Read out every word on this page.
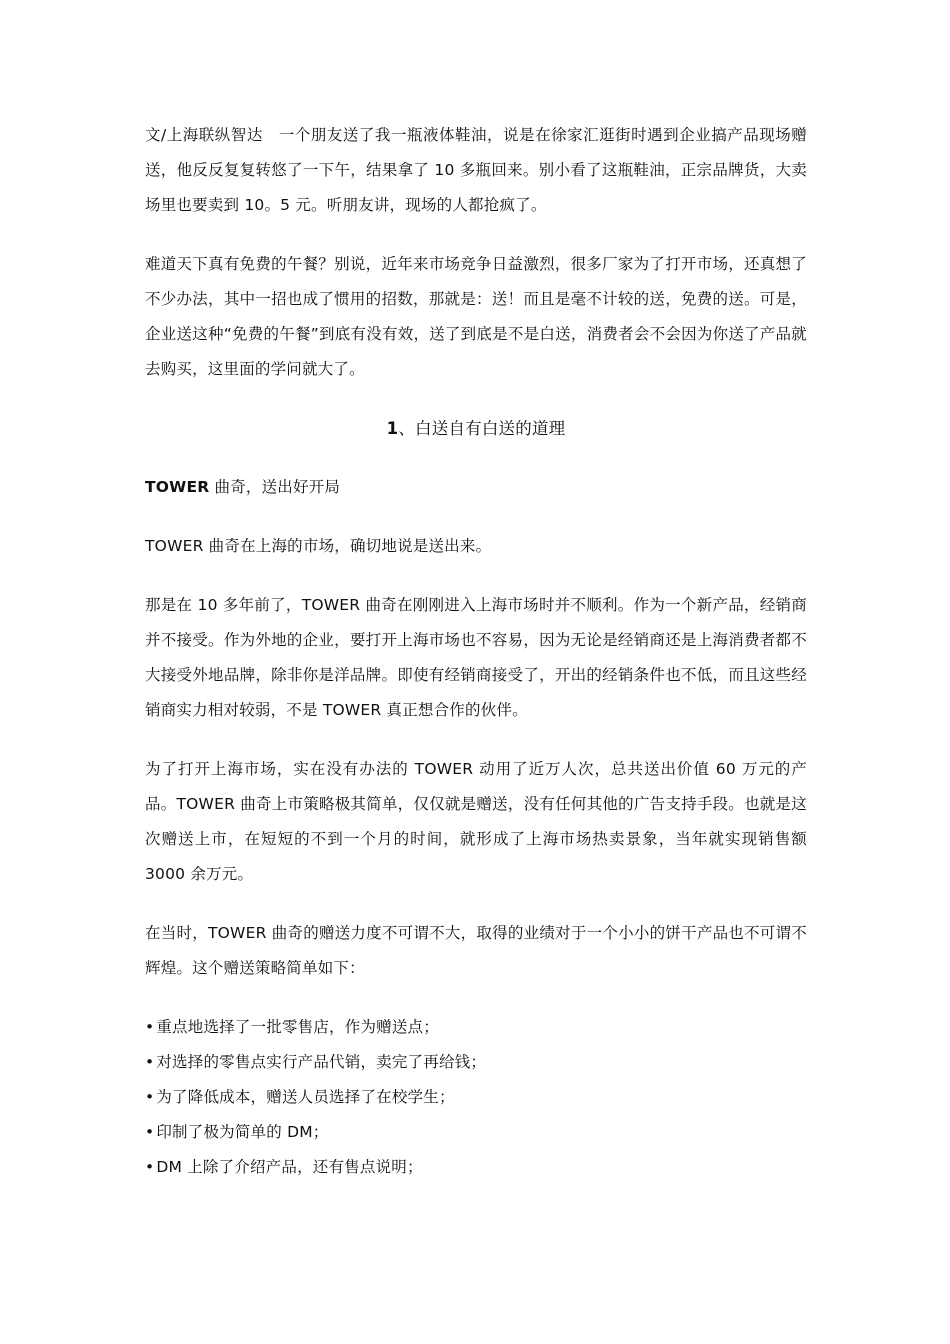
文/上海联纵智达　一个朋友送了我一瓶液体鞋油，说是在徐家汇逛街时遇到企业搞产品现场赠送，他反反复复转悠了一下午，结果拿了 10 多瓶回来。别小看了这瓶鞋油，正宗品牌货，大卖场里也要卖到 10。5 元。听朋友讲，现场的人都抢疯了。

难道天下真有免费的午餐？别说，近年来市场竞争日益激烈，很多厂家为了打开市场，还真想了不少办法，其中一招也成了惯用的招数，那就是：送！而且是毫不计较的送，免费的送。可是，企业送这种“免费的午餐”到底有没有效，送了到底是不是白送，消费者会不会因为你送了产品就去购买，这里面的学问就大了。

1、白送自有白送的道理
TOWER 曲奇，送出好开局

TOWER 曲奇在上海的市场，确切地说是送出来。

那是在 10 多年前了，TOWER 曲奇在刚刚进入上海市场时并不顺利。作为一个新产品，经销商并不接受。作为外地的企业，要打开上海市场也不容易，因为无论是经销商还是上海消费者都不大接受外地品牌，除非你是洋品牌。即使有经销商接受了，开出的经销条件也不低，而且这些经销商实力相对较弱，不是 TOWER 真正想合作的伙伴。

为了打开上海市场，实在没有办法的 TOWER 动用了近万人次，总共送出价值 60 万元的产品。TOWER 曲奇上市策略极其简单，仅仅就是赠送，没有任何其他的广告支持手段。也就是这次赠送上市，在短短的不到一个月的时间，就形成了上海市场热卖景象，当年就实现销售额 3000 余万元。

在当时，TOWER 曲奇的赠送力度不可谓不大，取得的业绩对于一个小小的饼干产品也不可谓不辉煌。这个赠送策略简单如下：

• 重点地选择了一批零售店，作为赠送点；
• 对选择的零售点实行产品代销，卖完了再给钱；
• 为了降低成本，赠送人员选择了在校学生；
• 印制了极为简单的 DM；
• DM 上除了介绍产品，还有售点说明；
